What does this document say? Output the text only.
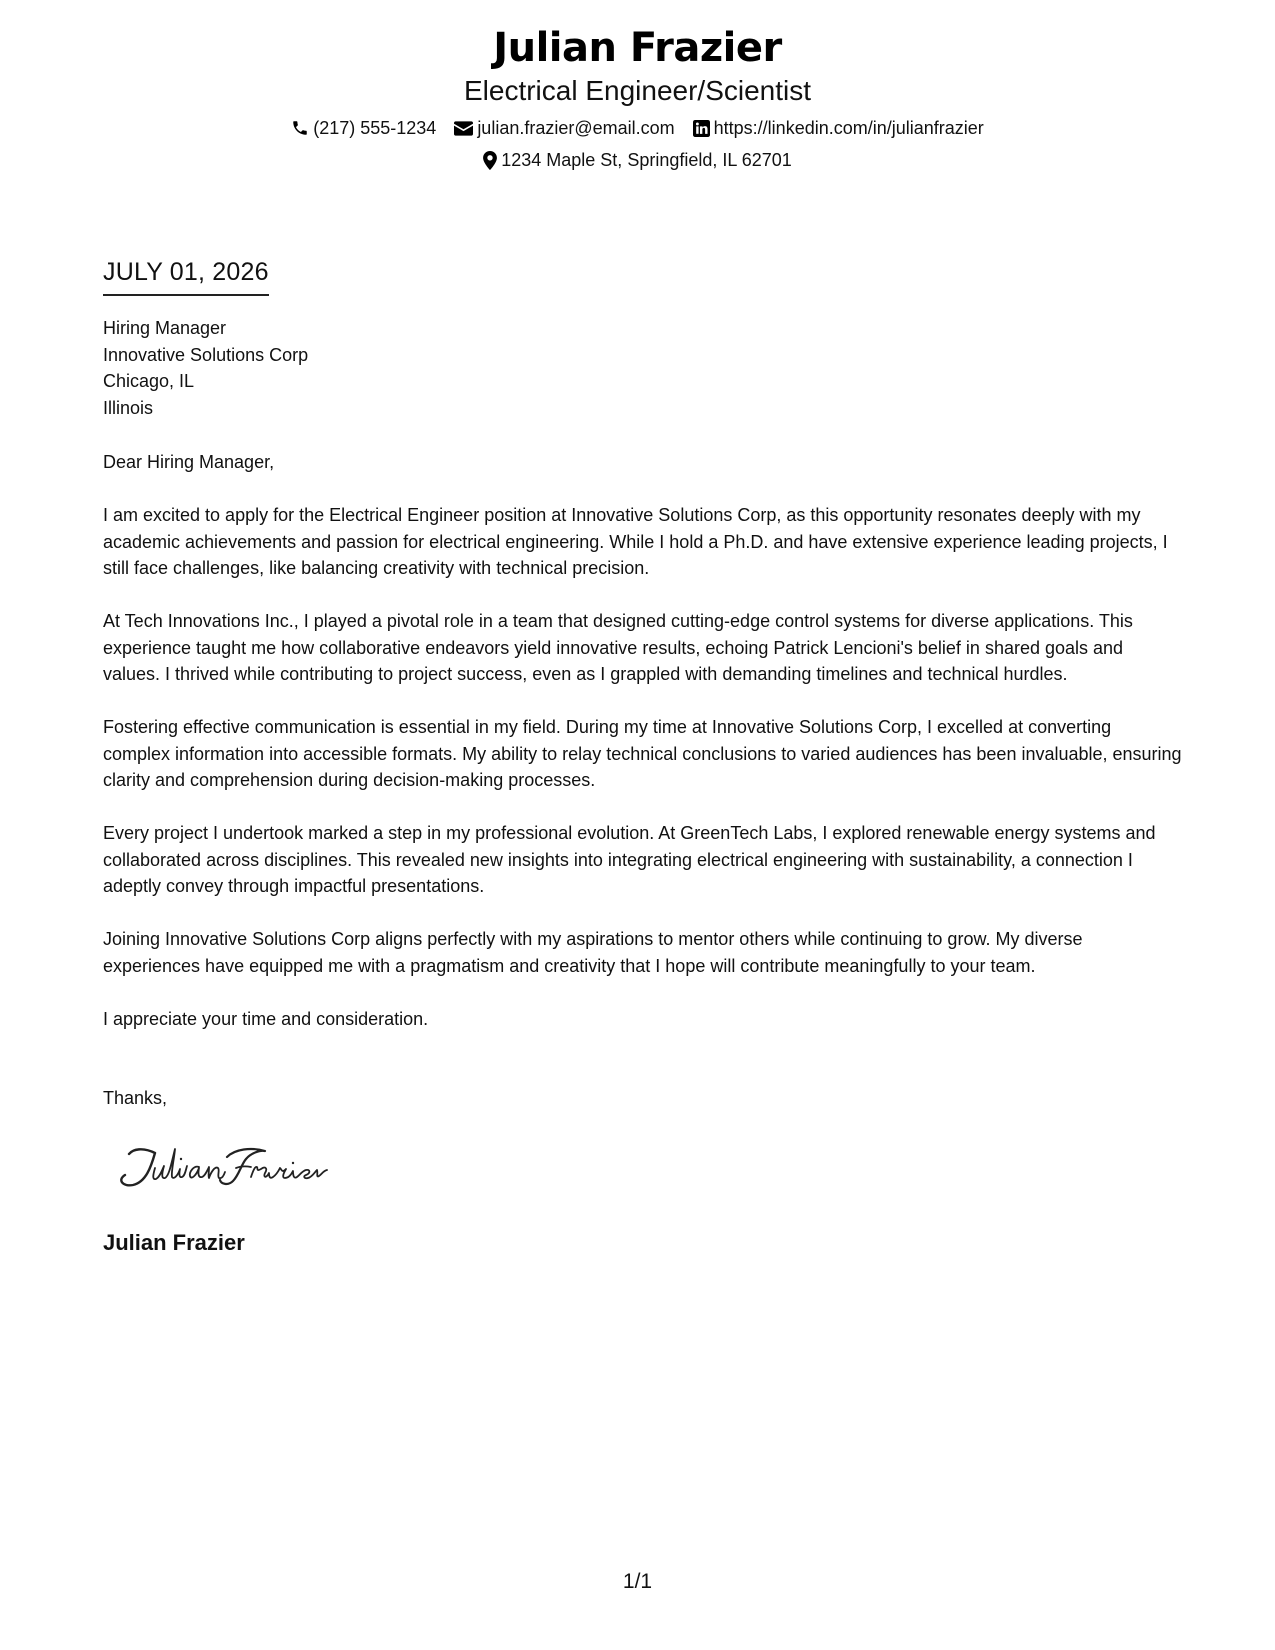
Julian Frazier
Electrical Engineer/Scientist
(217) 555-1234 julian.frazier@email.com https://linkedin.com/in/julianfrazier
1234 Maple St, Springfield, IL 62701
JULY 01, 2026
Hiring Manager
Innovative Solutions Corp
Chicago, IL
Illinois

Dear Hiring Manager,

I am excited to apply for the Electrical Engineer position at Innovative Solutions Corp, as this opportunity resonates deeply with my academic achievements and passion for electrical engineering. While I hold a Ph.D. and have extensive experience leading projects, I still face challenges, like balancing creativity with technical precision.

At Tech Innovations Inc., I played a pivotal role in a team that designed cutting-edge control systems for diverse applications. This experience taught me how collaborative endeavors yield innovative results, echoing Patrick Lencioni's belief in shared goals and values. I thrived while contributing to project success, even as I grappled with demanding timelines and technical hurdles.

Fostering effective communication is essential in my field. During my time at Innovative Solutions Corp, I excelled at converting complex information into accessible formats. My ability to relay technical conclusions to varied audiences has been invaluable, ensuring clarity and comprehension during decision-making processes.

Every project I undertook marked a step in my professional evolution. At GreenTech Labs, I explored renewable energy systems and collaborated across disciplines. This revealed new insights into integrating electrical engineering with sustainability, a connection I adeptly convey through impactful presentations.

Joining Innovative Solutions Corp aligns perfectly with my aspirations to mentor others while continuing to grow. My diverse experiences have equipped me with a pragmatism and creativity that I hope will contribute meaningfully to your team.

I appreciate your time and consideration.

Thanks,
Julian Frazier
1/1
